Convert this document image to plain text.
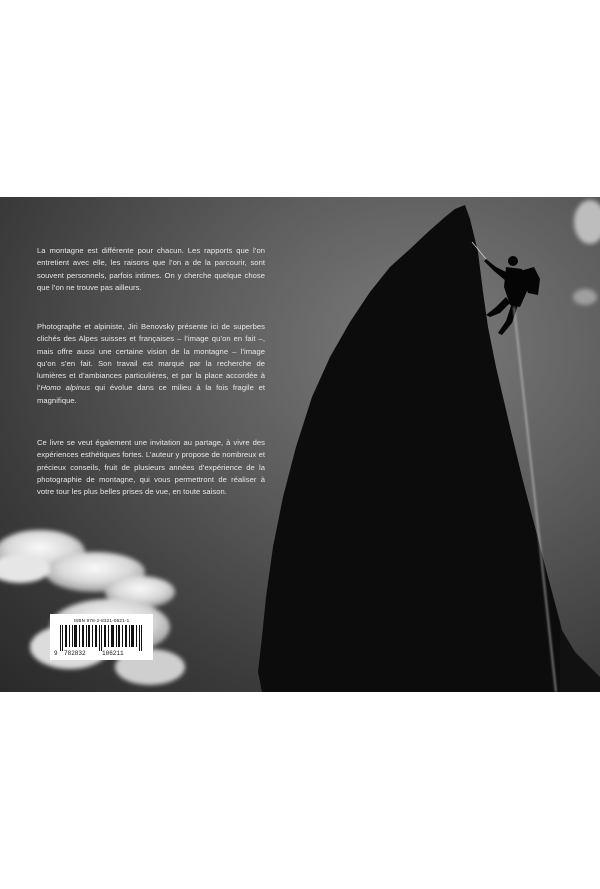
La montagne est différente pour chacun. Les rapports que l’on entretient avec elle, les raisons que l’on a de la parcourir, sont souvent personnels, parfois intimes. On y cherche quelque chose que l’on ne trouve pas ailleurs.
Photographe et alpiniste, Jiri Benovsky présente ici de superbes clichés des Alpes suisses et françaises – l’image qu’on en fait –, mais offre aussi une certaine vision de la montagne – l’image qu’on s’en fait. Son travail est marqué par la recherche de lumières et d’ambiances particulières, et par la place accordée à l’Homo alpinus qui évolue dans ce milieu à la fois fragile et magnifique.
Ce livre se veut également une invitation au partage, à vivre des expériences esthétiques fortes. L’auteur y propose de nombreux et précieux conseils, fruit de plusieurs années d’expérience de la photographie de montagne, qui vous permettront de réaliser à votre tour les plus belles prises de vue, en toute saison.
ISBN 978-2-8321-0621-1
9 782832	106211
